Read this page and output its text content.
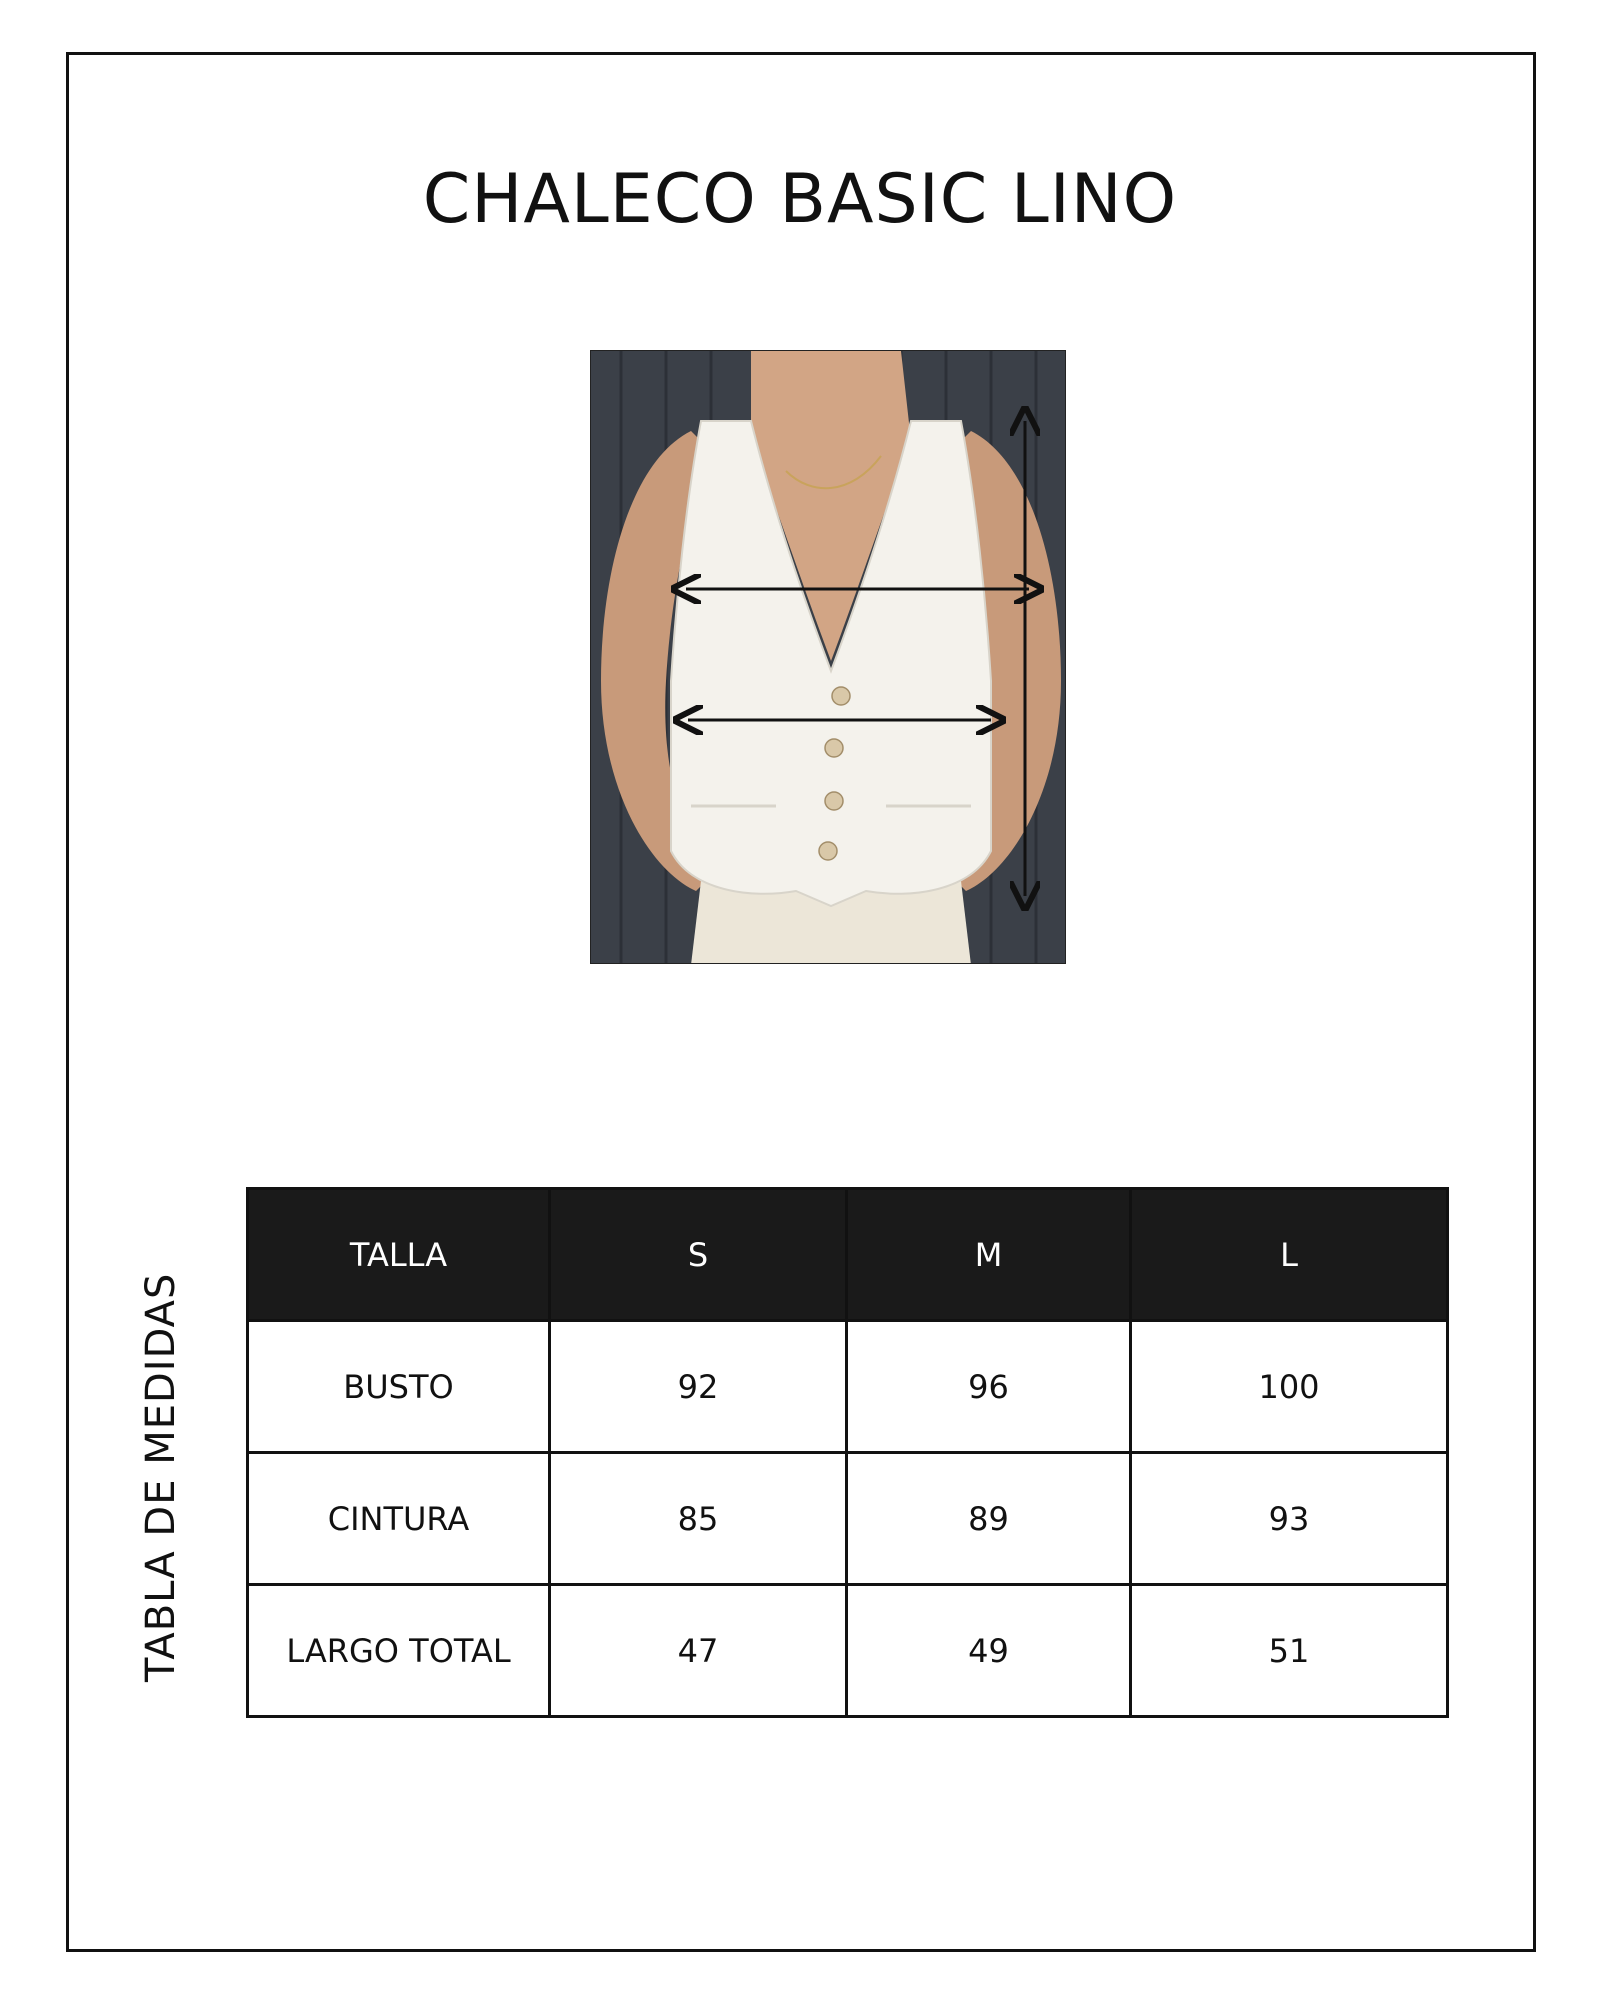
CHALECO BASIC LINO
TABLA DE MEDIDAS
TALLA	S	M	L
BUSTO	92	96	100
CINTURA	85	89	93
LARGO TOTAL	47	49	51
